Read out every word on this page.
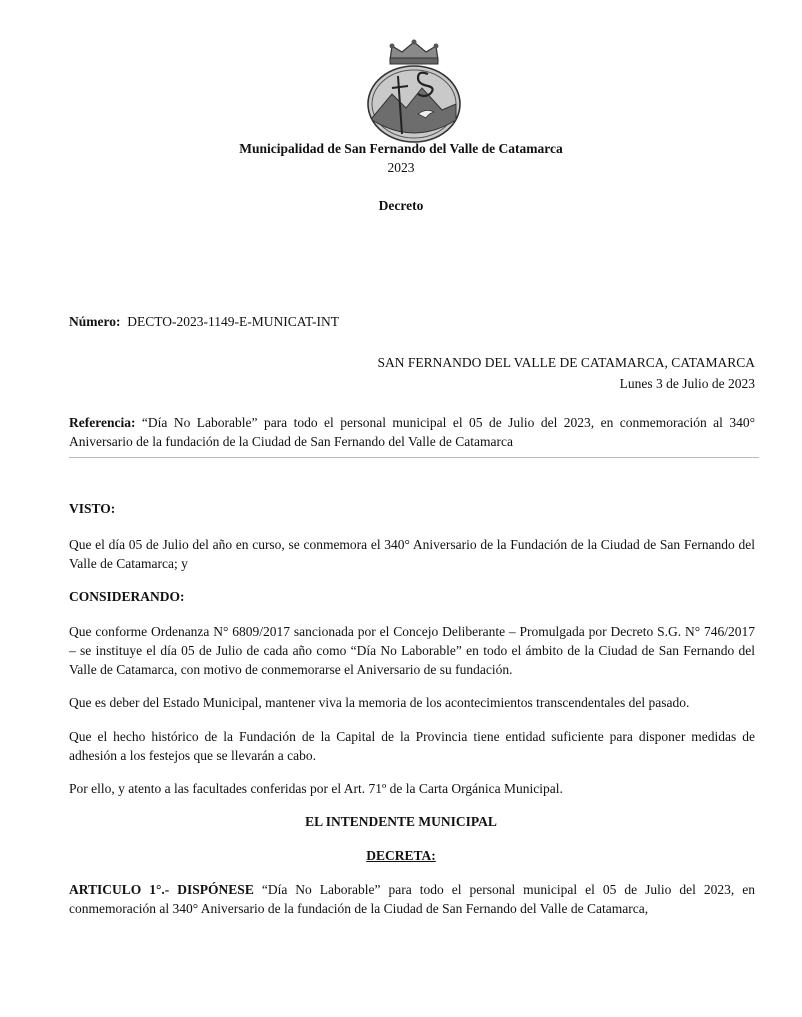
Municipalidad de San Fernando del Valle de Catamarca
2023
Decreto
Número: DECTO-2023-1149-E-MUNICAT-INT
SAN FERNANDO DEL VALLE DE CATAMARCA, CATAMARCA
Lunes 3 de Julio de 2023
Referencia: “Día No Laborable” para todo el personal municipal el 05 de Julio del 2023, en conmemoración al 340° Aniversario de la fundación de la Ciudad de San Fernando del Valle de Catamarca
VISTO:
Que el día 05 de Julio del año en curso, se conmemora el 340° Aniversario de la Fundación de la Ciudad de San Fernando del Valle de Catamarca; y
CONSIDERANDO:
Que conforme Ordenanza N° 6809/2017 sancionada por el Concejo Deliberante – Promulgada por Decreto S.G. N° 746/2017 – se instituye el día 05 de Julio de cada año como “Día No Laborable” en todo el ámbito de la Ciudad de San Fernando del Valle de Catamarca, con motivo de conmemorarse el Aniversario de su fundación.
Que es deber del Estado Municipal, mantener viva la memoria de los acontecimientos transcendentales del pasado.
Que el hecho histórico de la Fundación de la Capital de la Provincia tiene entidad suficiente para disponer medidas de adhesión a los festejos que se llevarán a cabo.
Por ello, y atento a las facultades conferidas por el Art. 71º de la Carta Orgánica Municipal.
EL INTENDENTE MUNICIPAL
DECRETA:
ARTICULO 1°.- DISPÓNESE “Día No Laborable” para todo el personal municipal el 05 de Julio del 2023, en conmemoración al 340° Aniversario de la fundación de la Ciudad de San Fernando del Valle de Catamarca,
